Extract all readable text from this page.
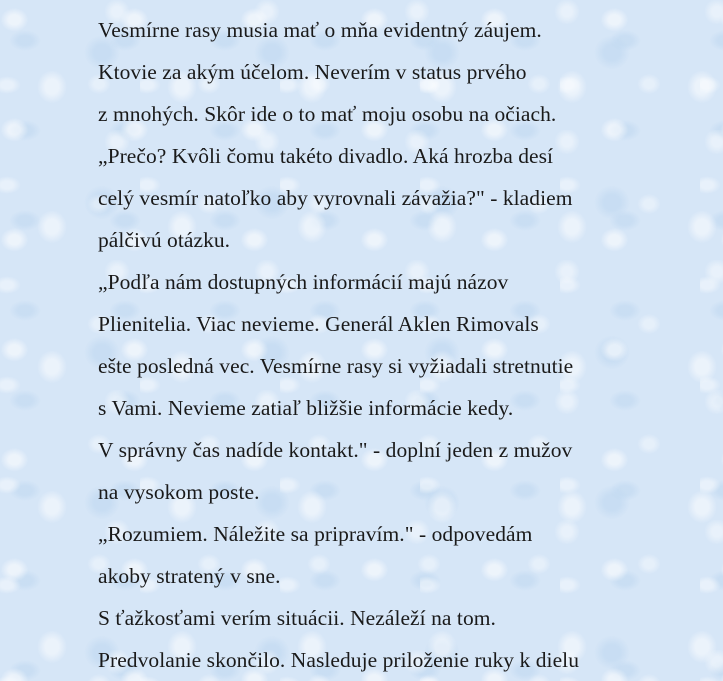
Vesmírne rasy musia mať o mňa evidentný záujem.
Ktovie za akým účelom. Neverím v status prvého
z mnohých. Skôr ide o to mať moju osobu na očiach.
„Prečo? Kvôli čomu takéto divadlo. Aká hrozba desí
celý vesmír natoľko aby vyrovnali závažia?" - kladiem
pálčivú otázku.
„Podľa nám dostupných informácií majú názov
Plienitelia. Viac nevieme. Generál Aklen Rimovals
ešte posledná vec. Vesmírne rasy si vyžiadali stretnutie
s Vami. Nevieme zatiaľ bližšie informácie kedy.
V správny čas nadíde kontakt." - doplní jeden z mužov
na vysokom poste.
„Rozumiem. Náležite sa pripravím." - odpovedám
akoby stratený v sne.
S ťažkosťami verím situácii. Nezáleží na tom.
Predvolanie skončilo. Nasleduje priloženie ruky k dielu
